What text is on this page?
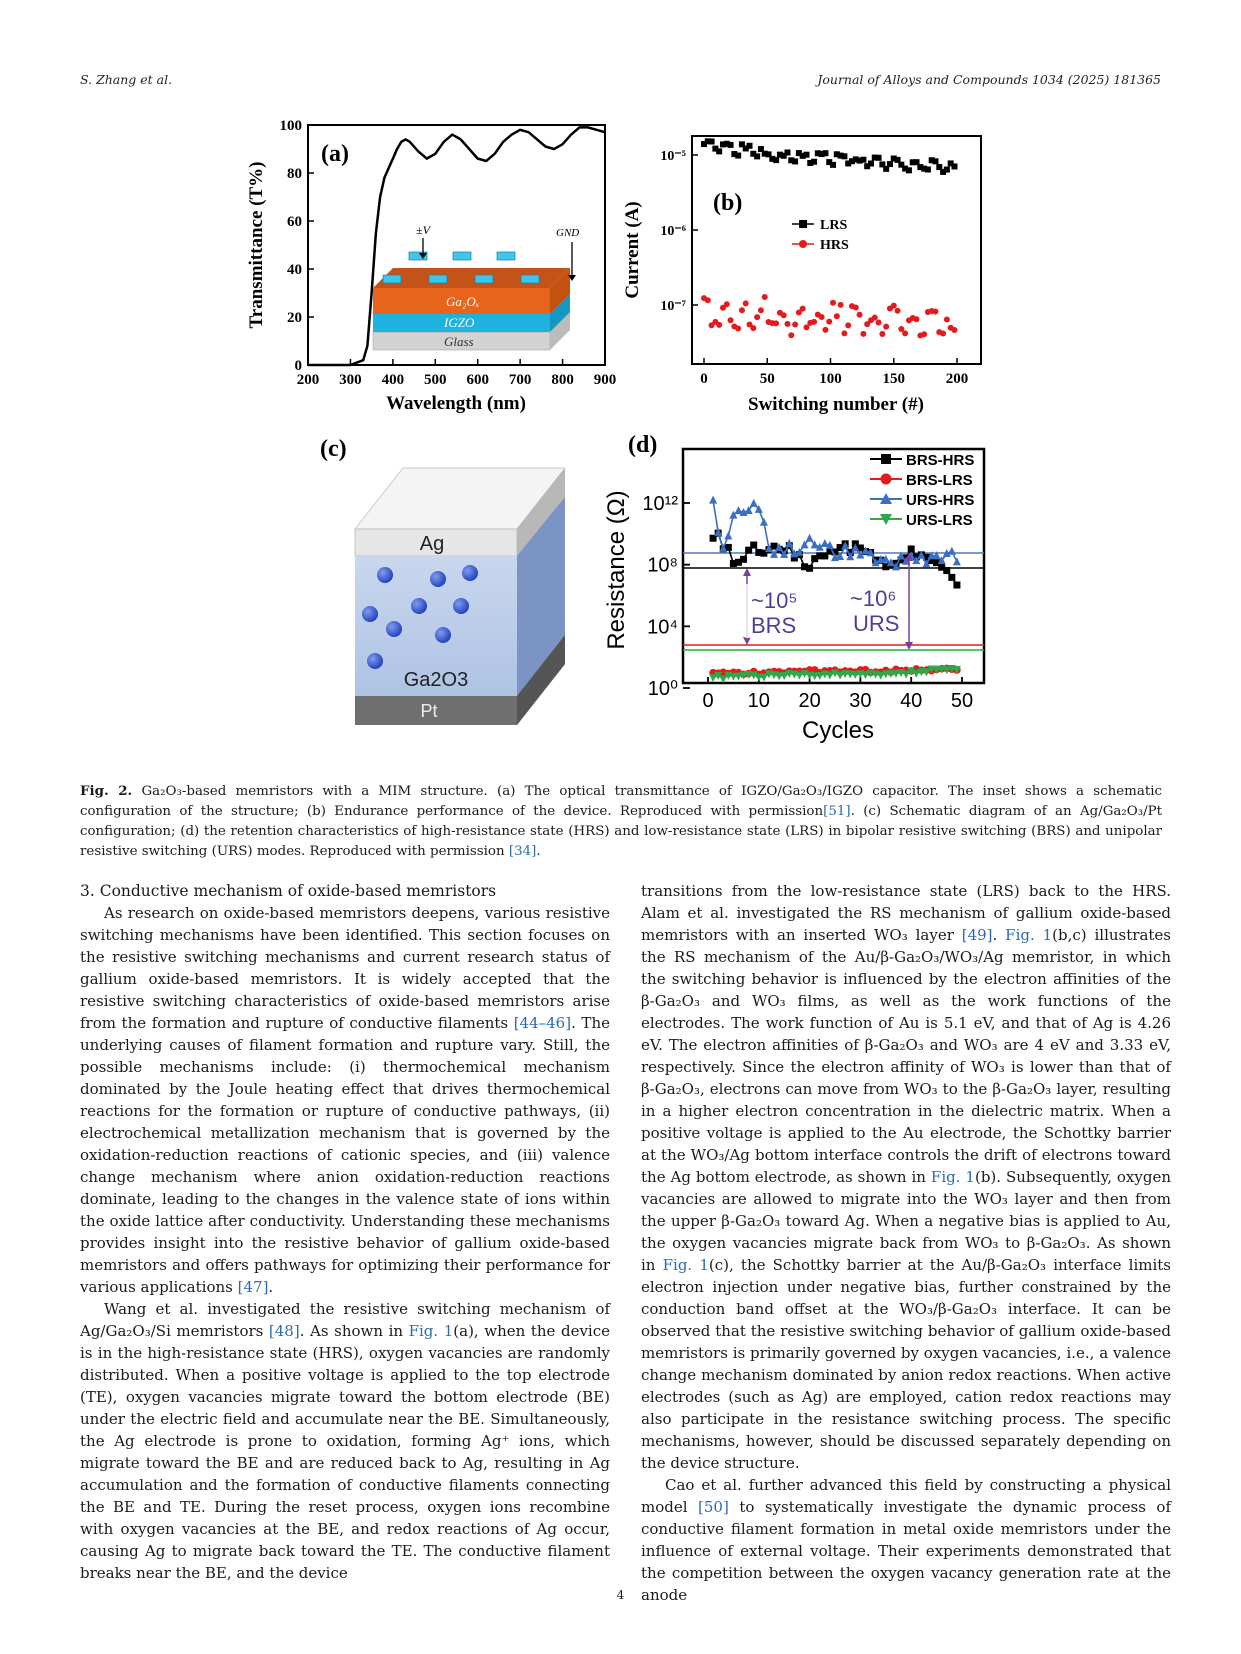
S. Zhang et al.	Journal of Alloys and Compounds 1034 (2025) 181365
(a)
200 300 400 500 600 700 800 900
0
20
40
60
80
100
Transmittance (T%)
Wavelength (nm)
±V	GND
Ga₂Oₓ
IGZO
Glass
(b)
0	50	100	150	200
10⁻⁵
10⁻⁶
10⁻⁷
Current (A)
Switching number (#)
LRS
HRS
(c)
Ag
Ga2O3
Pt
(d)
0 10 20 30 40 50
10¹²
10⁸
10⁴
10⁰
Resistance (Ω)
Cycles
~10⁵
BRS
~10⁶
URS
BRS-HRS
BRS-LRS
URS-HRS
URS-LRS
Fig. 2. Ga₂O₃-based memristors with a MIM structure. (a) The optical transmittance of IGZO/Ga₂O₃/IGZO capacitor. The inset shows a schematic configuration of the structure; (b) Endurance performance of the device. Reproduced with permission[51]. (c) Schematic diagram of an Ag/Ga₂O₃/Pt configuration; (d) the retention characteristics of high-resistance state (HRS) and low-resistance state (LRS) in bipolar resistive switching (BRS) and unipolar resistive switching (URS) modes. Reproduced with permission [34].

3. Conductive mechanism of oxide-based memristors

As research on oxide-based memristors deepens, various resistive switching mechanisms have been identified. This section focuses on the resistive switching mechanisms and current research status of gallium oxide-based memristors. It is widely accepted that the resistive switching characteristics of oxide-based memristors arise from the formation and rupture of conductive filaments [44–46]. The underlying causes of filament formation and rupture vary. Still, the possible mechanisms include: (i) thermochemical mechanism dominated by the Joule heating effect that drives thermochemical reactions for the formation or rupture of conductive pathways, (ii) electrochemical metallization mechanism that is governed by the oxidation-reduction reactions of cationic species, and (iii) valence change mechanism where anion oxidation-reduction reactions dominate, leading to the changes in the valence state of ions within the oxide lattice after conductivity. Understanding these mechanisms provides insight into the resistive behavior of gallium oxide-based memristors and offers pathways for optimizing their performance for various applications [47].

Wang et al. investigated the resistive switching mechanism of Ag/Ga₂O₃/Si memristors [48]. As shown in Fig. 1(a), when the device is in the high-resistance state (HRS), oxygen vacancies are randomly distributed. When a positive voltage is applied to the top electrode (TE), oxygen vacancies migrate toward the bottom electrode (BE) under the electric field and accumulate near the BE. Simultaneously, the Ag electrode is prone to oxidation, forming Ag⁺ ions, which migrate toward the BE and are reduced back to Ag, resulting in Ag accumulation and the formation of conductive filaments connecting the BE and TE. During the reset process, oxygen ions recombine with oxygen vacancies at the BE, and redox reactions of Ag occur, causing Ag to migrate back toward the TE. The conductive filament breaks near the BE, and the device

transitions from the low-resistance state (LRS) back to the HRS. Alam et al. investigated the RS mechanism of gallium oxide-based memristors with an inserted WO₃ layer [49]. Fig. 1(b,c) illustrates the RS mechanism of the Au/β-Ga₂O₃/WO₃/Ag memristor, in which the switching behavior is influenced by the electron affinities of the β-Ga₂O₃ and WO₃ films, as well as the work functions of the electrodes. The work function of Au is 5.1 eV, and that of Ag is 4.26 eV. The electron affinities of β-Ga₂O₃ and WO₃ are 4 eV and 3.33 eV, respectively. Since the electron affinity of WO₃ is lower than that of β-Ga₂O₃, electrons can move from WO₃ to the β-Ga₂O₃ layer, resulting in a higher electron concentration in the dielectric matrix. When a positive voltage is applied to the Au electrode, the Schottky barrier at the WO₃/Ag bottom interface controls the drift of electrons toward the Ag bottom electrode, as shown in Fig. 1(b). Subsequently, oxygen vacancies are allowed to migrate into the WO₃ layer and then from the upper β-Ga₂O₃ toward Ag. When a negative bias is applied to Au, the oxygen vacancies migrate back from WO₃ to β-Ga₂O₃. As shown in Fig. 1(c), the Schottky barrier at the Au/β-Ga₂O₃ interface limits electron injection under negative bias, further constrained by the conduction band offset at the WO₃/β-Ga₂O₃ interface. It can be observed that the resistive switching behavior of gallium oxide-based memristors is primarily governed by oxygen vacancies, i.e., a valence change mechanism dominated by anion redox reactions. When active electrodes (such as Ag) are employed, cation redox reactions may also participate in the resistance switching process. The specific mechanisms, however, should be discussed separately depending on the device structure.

Cao et al. further advanced this field by constructing a physical model [50] to systematically investigate the dynamic process of conductive filament formation in metal oxide memristors under the influence of external voltage. Their experiments demonstrated that the competition between the oxygen vacancy generation rate at the anode

4
